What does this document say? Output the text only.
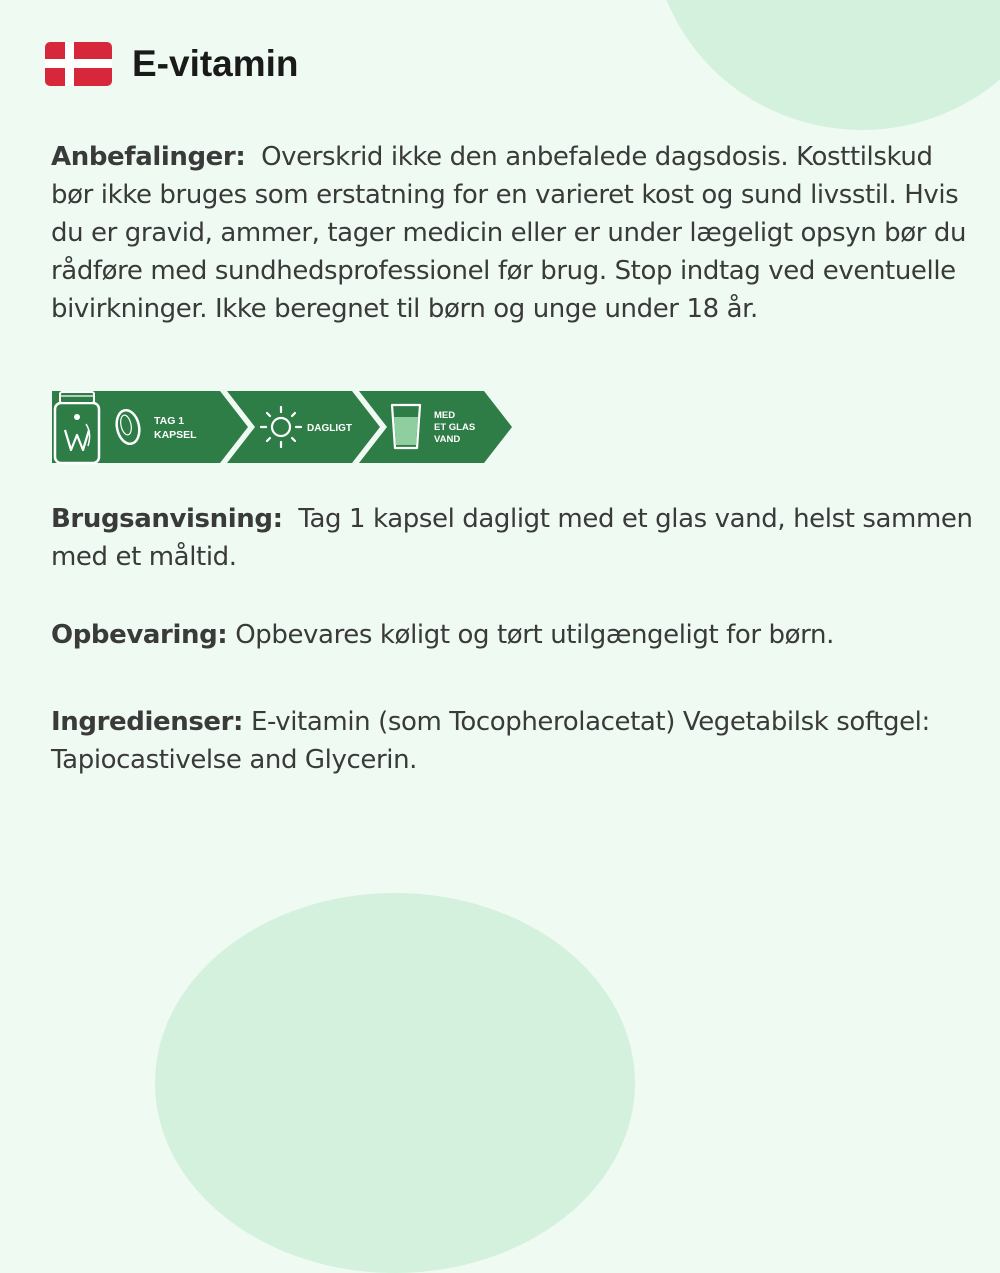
E-vitamin

Anbefalinger: Overskrid ikke den anbefalede dagsdosis. Kosttilskud bør ikke bruges som erstatning for en varieret kost og sund livsstil. Hvis du er gravid, ammer, tager medicin eller er under lægeligt opsyn bør du rådføre med sundhedsprofessionel før brug. Stop indtag ved eventuelle bivirkninger. Ikke beregnet til børn og unge under 18 år.

TAG 1
KAPSEL
DAGLIGT
MED
ET GLAS
VAND

Brugsanvisning: Tag 1 kapsel dagligt med et glas vand, helst sammen med et måltid.

Opbevaring: Opbevares køligt og tørt utilgængeligt for børn.

Ingredienser: E-vitamin (som Tocopherolacetat) Vegetabilsk softgel: Tapiocastivelse and Glycerin.
